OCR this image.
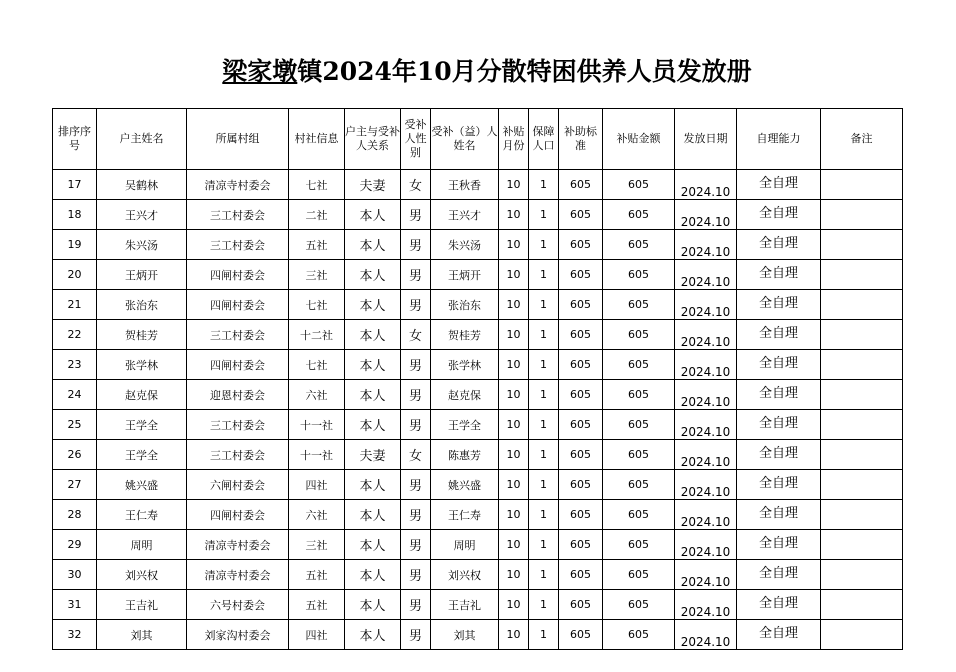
梁家墩镇2024年10月分散特困供养人员发放册
排序序号	户主姓名	所属村组	村社信息	户主与受补人关系	受补人性别	受补（益）人姓名	补贴月份	保障人口	补助标准	补贴金额	发放日期	自理能力	备注
17	吴鹤林	清凉寺村委会	七社	夫妻	女	王秋香	10	1	605	605	2024.10	全自理	
18	王兴才	三工村委会	二社	本人	男	王兴才	10	1	605	605	2024.10	全自理	
19	朱兴汤	三工村委会	五社	本人	男	朱兴汤	10	1	605	605	2024.10	全自理	
20	王炳开	四闸村委会	三社	本人	男	王炳开	10	1	605	605	2024.10	全自理	
21	张治东	四闸村委会	七社	本人	男	张治东	10	1	605	605	2024.10	全自理	
22	贺桂芳	三工村委会	十二社	本人	女	贺桂芳	10	1	605	605	2024.10	全自理	
23	张学林	四闸村委会	七社	本人	男	张学林	10	1	605	605	2024.10	全自理	
24	赵克保	迎恩村委会	六社	本人	男	赵克保	10	1	605	605	2024.10	全自理	
25	王学全	三工村委会	十一社	本人	男	王学全	10	1	605	605	2024.10	全自理	
26	王学全	三工村委会	十一社	夫妻	女	陈惠芳	10	1	605	605	2024.10	全自理	
27	姚兴盛	六闸村委会	四社	本人	男	姚兴盛	10	1	605	605	2024.10	全自理	
28	王仁寿	四闸村委会	六社	本人	男	王仁寿	10	1	605	605	2024.10	全自理	
29	周明	清凉寺村委会	三社	本人	男	周明	10	1	605	605	2024.10	全自理	
30	刘兴权	清凉寺村委会	五社	本人	男	刘兴权	10	1	605	605	2024.10	全自理	
31	王吉礼	六号村委会	五社	本人	男	王吉礼	10	1	605	605	2024.10	全自理	
32	刘其	刘家沟村委会	四社	本人	男	刘其	10	1	605	605	2024.10	全自理	
